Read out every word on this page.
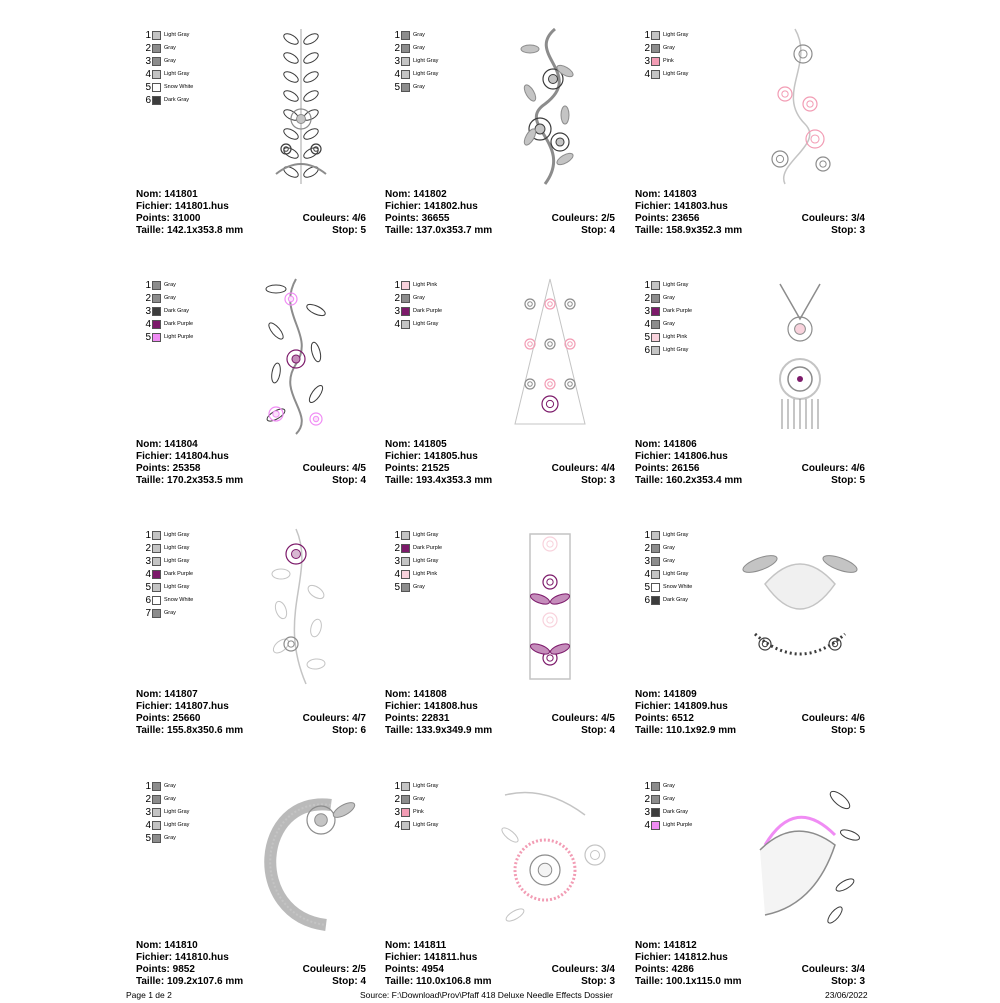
1 Light Gray
2 Gray
3 Gray
4 Light Gray
5 Snow White
6 Dark Gray
Nom: 141801
Fichier: 141801.hus
Points: 31000	Couleurs: 4/6
Taille: 142.1x353.8 mm	Stop: 5
1 Gray
2 Gray
3 Light Gray
4 Light Gray
5 Gray
Nom: 141802
Fichier: 141802.hus
Points: 36655	Couleurs: 2/5
Taille: 137.0x353.7 mm	Stop: 4
1 Light Gray
2 Gray
3 Pink
4 Light Gray
Nom: 141803
Fichier: 141803.hus
Points: 23656	Couleurs: 3/4
Taille: 158.9x352.3 mm	Stop: 3
1 Gray
2 Gray
3 Dark Gray
4 Dark Purple
5 Light Purple
Nom: 141804
Fichier: 141804.hus
Points: 25358	Couleurs: 4/5
Taille: 170.2x353.5 mm	Stop: 4
1 Light Pink
2 Gray
3 Dark Purple
4 Light Gray
Nom: 141805
Fichier: 141805.hus
Points: 21525	Couleurs: 4/4
Taille: 193.4x353.3 mm	Stop: 3
1 Light Gray
2 Gray
3 Dark Purple
4 Gray
5 Light Pink
6 Light Gray
Nom: 141806
Fichier: 141806.hus
Points: 26156	Couleurs: 4/6
Taille: 160.2x353.4 mm	Stop: 5
1 Light Gray
2 Light Gray
3 Light Gray
4 Dark Purple
5 Light Gray
6 Snow White
7 Gray
Nom: 141807
Fichier: 141807.hus
Points: 25660	Couleurs: 4/7
Taille: 155.8x350.6 mm	Stop: 6
1 Light Gray
2 Dark Purple
3 Light Gray
4 Light Pink
5 Gray
Nom: 141808
Fichier: 141808.hus
Points: 22831	Couleurs: 4/5
Taille: 133.9x349.9 mm	Stop: 4
1 Light Gray
2 Gray
3 Gray
4 Light Gray
5 Snow White
6 Dark Gray
Nom: 141809
Fichier: 141809.hus
Points: 6512	Couleurs: 4/6
Taille: 110.1x92.9 mm	Stop: 5
1 Gray
2 Gray
3 Light Gray
4 Light Gray
5 Gray
Nom: 141810
Fichier: 141810.hus
Points: 9852	Couleurs: 2/5
Taille: 109.2x107.6 mm	Stop: 4
1 Light Gray
2 Gray
3 Pink
4 Light Gray
Nom: 141811
Fichier: 141811.hus
Points: 4954	Couleurs: 3/4
Taille: 110.0x106.8 mm	Stop: 3
1 Gray
2 Gray
3 Dark Gray
4 Light Purple
Nom: 141812
Fichier: 141812.hus
Points: 4286	Couleurs: 3/4
Taille: 100.1x115.0 mm	Stop: 3
Page 1 de 2	Source: F:\Download\Prov\Pfaff 418 Deluxe Needle Effects Dossier	23/06/2022
